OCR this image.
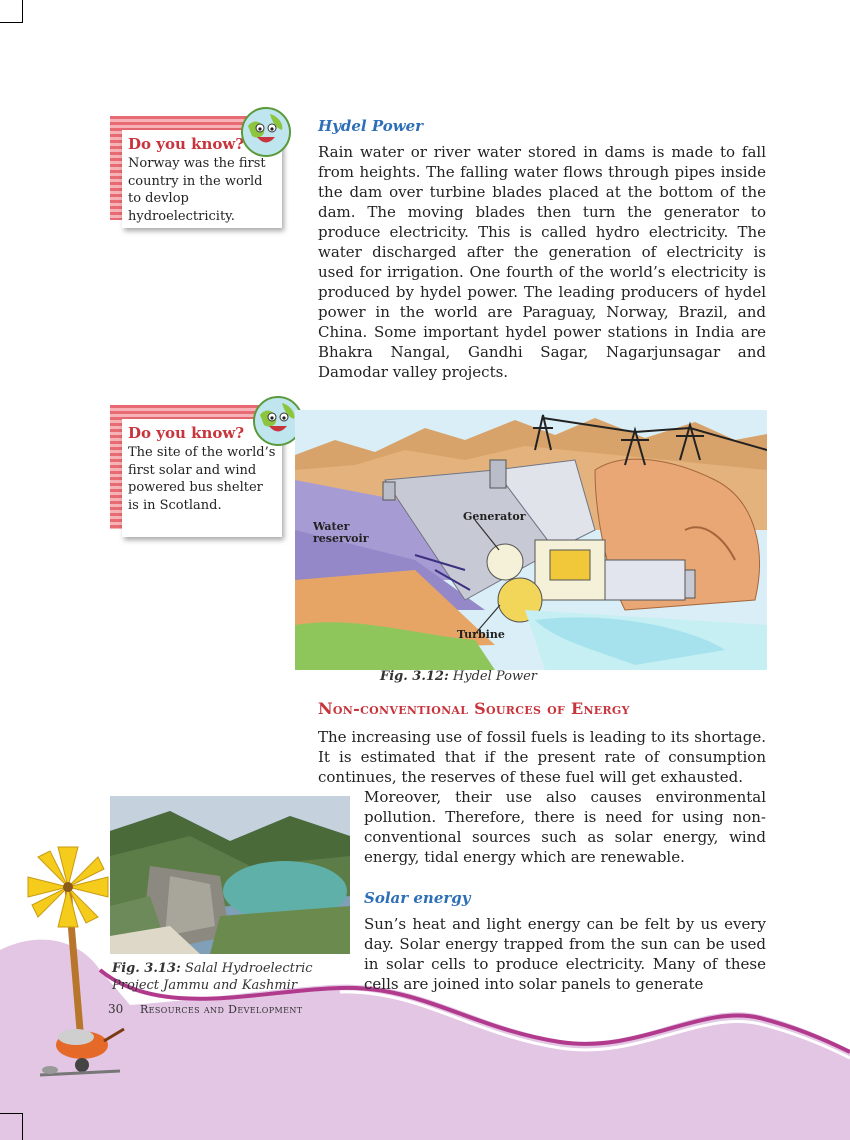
Do you know?
Norway was the first country in the world to devlop hydroelectricity.
Hydel Power

Rain water or river water stored in dams is made to fall from heights. The falling water flows through pipes inside the dam over turbine blades placed at the bottom of the dam. The moving blades then turn the generator to produce electricity. This is called hydro electricity. The water discharged after the generation of electricity is used for irrigation. One fourth of the world’s electricity is produced by hydel power. The leading producers of hydel power in the world are Paraguay, Norway, Brazil, and China. Some important hydel power stations in India are Bhakra Nangal, Gandhi Sagar, Nagarjunsagar and Damodar valley projects.

Do you know?
The site of the world’s first solar and wind powered bus shelter is in Scotland.
Water
reservoir
Generator
Turbine
Fig. 3.12: Hydel Power
Non-conventional Sources of Energy

The increasing use of fossil fuels is leading to its shortage. It is estimated that if the present rate of consumption continues, the reserves of these fuel will get exhausted.

Moreover, their use also causes environmental pollution. Therefore, there is need for using non-conventional sources such as solar energy, wind energy, tidal energy which are renewable.

Fig. 3.13: Salal Hydroelectric Project Jammu and Kashmir
Solar energy

Sun’s heat and light energy can be felt by us every day. Solar energy trapped from the sun can be used in solar cells to produce electricity. Many of these cells are joined into solar panels to generate

30 Resources and Development
